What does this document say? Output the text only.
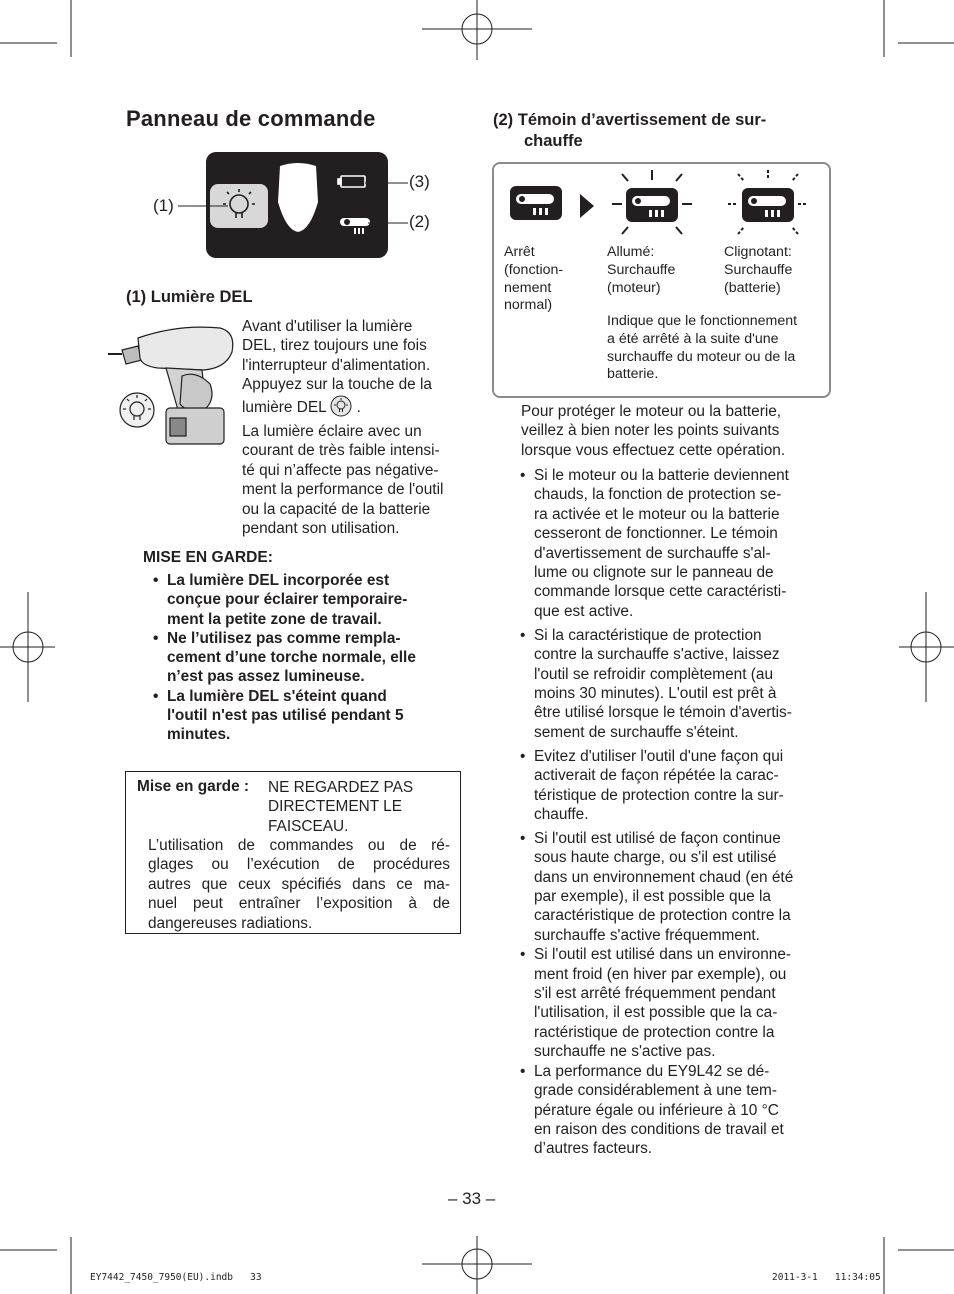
Panneau de commande
(1)
(2)
(3)
(1) Lumière DEL
Avant d'utiliser la lumière
DEL, tirez toujours une fois
l'interrupteur d'alimentation.
Appuyez sur la touche de la
lumière DEL .
La lumière éclaire avec un
courant de très faible intensi-
té qui n’affecte pas négative-
ment la performance de l'outil
ou la capacité de la batterie
pendant son utilisation.
MISE EN GARDE:
• La lumière DEL incorporée est
conçue pour éclairer temporaire-
ment la petite zone de travail.
• Ne l’utilisez pas comme rempla-
cement d’une torche normale, elle
n’est pas assez lumineuse.
• La lumière DEL s'éteint quand
l'outil n'est pas utilisé pendant 5
minutes.
Mise en garde : NE REGARDEZ PAS
DIRECTEMENT LE
FAISCEAU.
L’utilisation de commandes ou de ré-
glages ou l’exécution de procédures
autres que ceux spécifiés dans ce ma-
nuel peut entraîner l’exposition à de
dangereuses radiations.
(2) Témoin d’avertissement de sur-
chauffe
Arrêt
(fonction-
nement
normal)
Allumé:
Surchauffe
(moteur)
Clignotant:
Surchauffe
(batterie)
Indique que le fonctionnement
a été arrêté à la suite d'une
surchauffe du moteur ou de la
batterie.
Pour protéger le moteur ou la batterie,
veillez à bien noter les points suivants
lorsque vous effectuez cette opération.
• Si le moteur ou la batterie deviennent
chauds, la fonction de protection se-
ra activée et le moteur ou la batterie
cesseront de fonctionner. Le témoin
d'avertissement de surchauffe s'al-
lume ou clignote sur le panneau de
commande lorsque cette caractéristi-
que est active.
• Si la caractéristique de protection
contre la surchauffe s'active, laissez
l'outil se refroidir complètement (au
moins 30 minutes). L'outil est prêt à
être utilisé lorsque le témoin d'avertis-
sement de surchauffe s'éteint.
• Evitez d'utiliser l'outil d'une façon qui
activerait de façon répétée la carac-
téristique de protection contre la sur-
chauffe.
• Si l'outil est utilisé de façon continue
sous haute charge, ou s'il est utilisé
dans un environnement chaud (en été
par exemple), il est possible que la
caractéristique de protection contre la
surchauffe s'active fréquemment.
• Si l'outil est utilisé dans un environne-
ment froid (en hiver par exemple), ou
s'il est arrêté fréquemment pendant
l'utilisation, il est possible que la ca-
ractéristique de protection contre la
surchauffe ne s'active pas.
• La performance du EY9L42 se dé-
grade considérablement à une tem-
pérature égale ou inférieure à 10 °C
en raison des conditions de travail et
d’autres facteurs.
– 33 –
EY7442_7450_7950(EU).indb   33	2011-3-1   11:34:05
